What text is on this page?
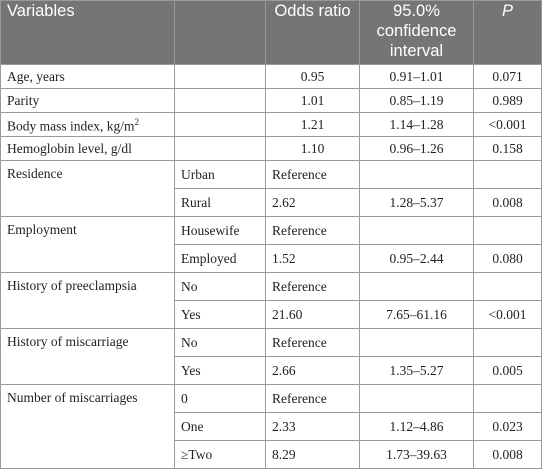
Variables		Odds ratio	95.0% confidence interval	P
Age, years		0.95	0.91–1.01	0.071
Parity		1.01	0.85–1.19	0.989
Body mass index, $kg/m^2$		1.21	1.14–1.28	<0.001
Hemoglobin level, g/dl		1.10	0.96–1.26	0.158
Residence	Urban	Reference		
	Rural	2.62	1.28–5.37	0.008
Employment	Housewife	Reference		
	Employed	1.52	0.95–2.44	0.080
History of preeclampsia	No	Reference		
	Yes	21.60	7.65–61.16	<0.001
History of miscarriage	No	Reference		
	Yes	2.66	1.35–5.27	0.005
Number of miscarriages	0	Reference		
	One	2.33	1.12–4.86	0.023
	≥Two	8.29	1.73–39.63	0.008
